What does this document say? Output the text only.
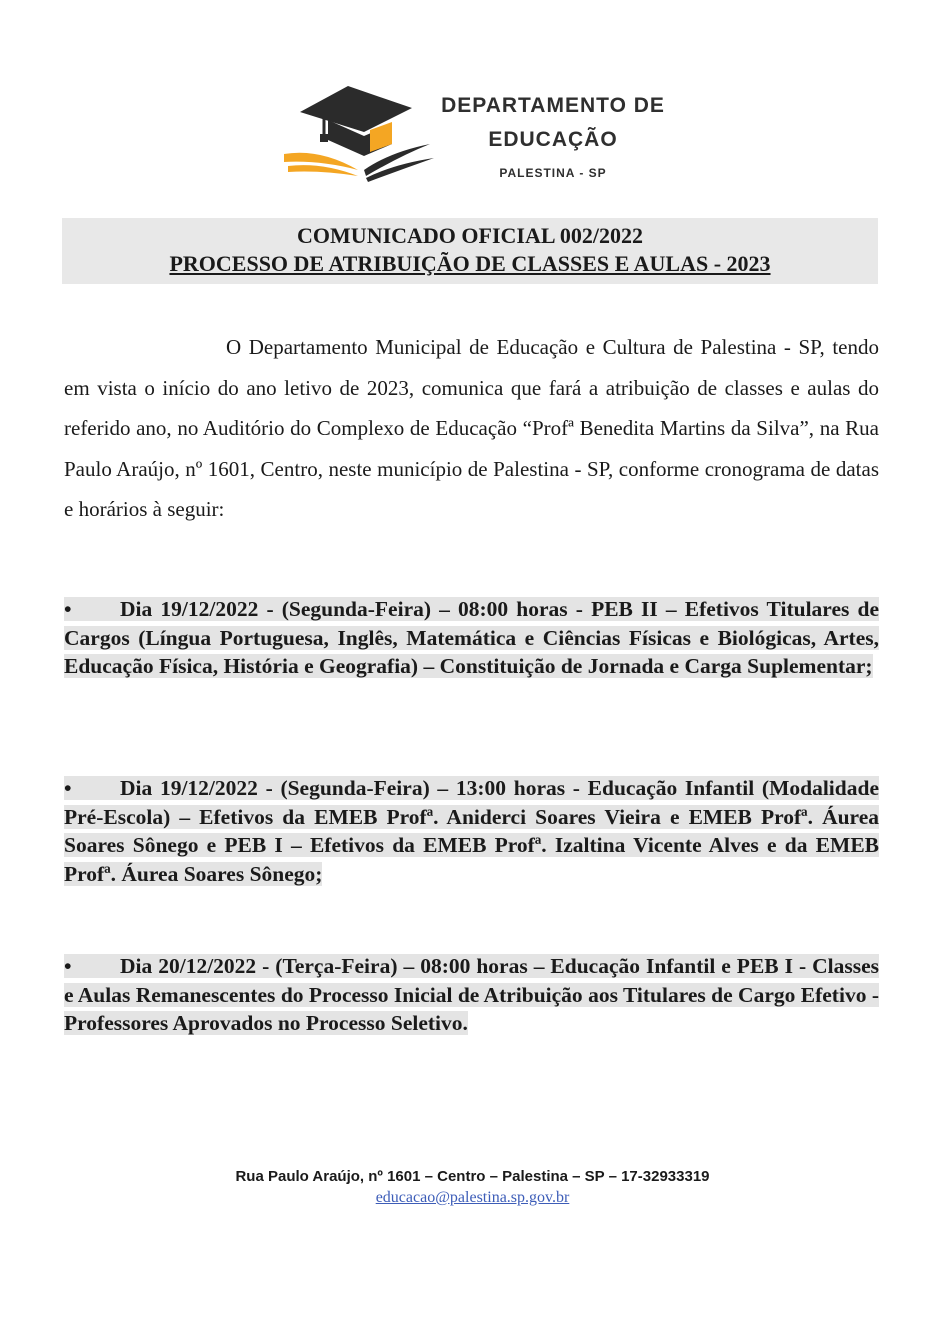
DEPARTAMENTO DE
EDUCAÇÃO
PALESTINA - SP
COMUNICADO OFICIAL 002/2022
PROCESSO DE ATRIBUIÇÃO DE CLASSES E AULAS - 2023
O Departamento Municipal de Educação e Cultura de Palestina - SP, tendo em vista o início do ano letivo de 2023, comunica que fará a atribuição de classes e aulas do referido ano, no Auditório do Complexo de Educação “Profª Benedita Martins da Silva”, na Rua Paulo Araújo, nº 1601, Centro, neste município de Palestina - SP, conforme cronograma de datas e horários à seguir:
• Dia 19/12/2022 - (Segunda-Feira) – 08:00 horas - PEB II – Efetivos Titulares de Cargos (Língua Portuguesa, Inglês, Matemática e Ciências Físicas e Biológicas, Artes, Educação Física, História e Geografia) – Constituição de Jornada e Carga Suplementar;
• Dia 19/12/2022 - (Segunda-Feira) – 13:00 horas - Educação Infantil (Modalidade Pré-Escola) – Efetivos da EMEB Profª. Aniderci Soares Vieira e EMEB Profª. Áurea Soares Sônego e PEB I – Efetivos da EMEB Profª. Izaltina Vicente Alves e da EMEB Profª. Áurea Soares Sônego;
• Dia 20/12/2022 - (Terça-Feira) – 08:00 horas – Educação Infantil e PEB I - Classes e Aulas Remanescentes do Processo Inicial de Atribuição aos Titulares de Cargo Efetivo - Professores Aprovados no Processo Seletivo.
Rua Paulo Araújo, nº 1601 – Centro – Palestina – SP – 17-32933319
educacao@palestina.sp.gov.br
